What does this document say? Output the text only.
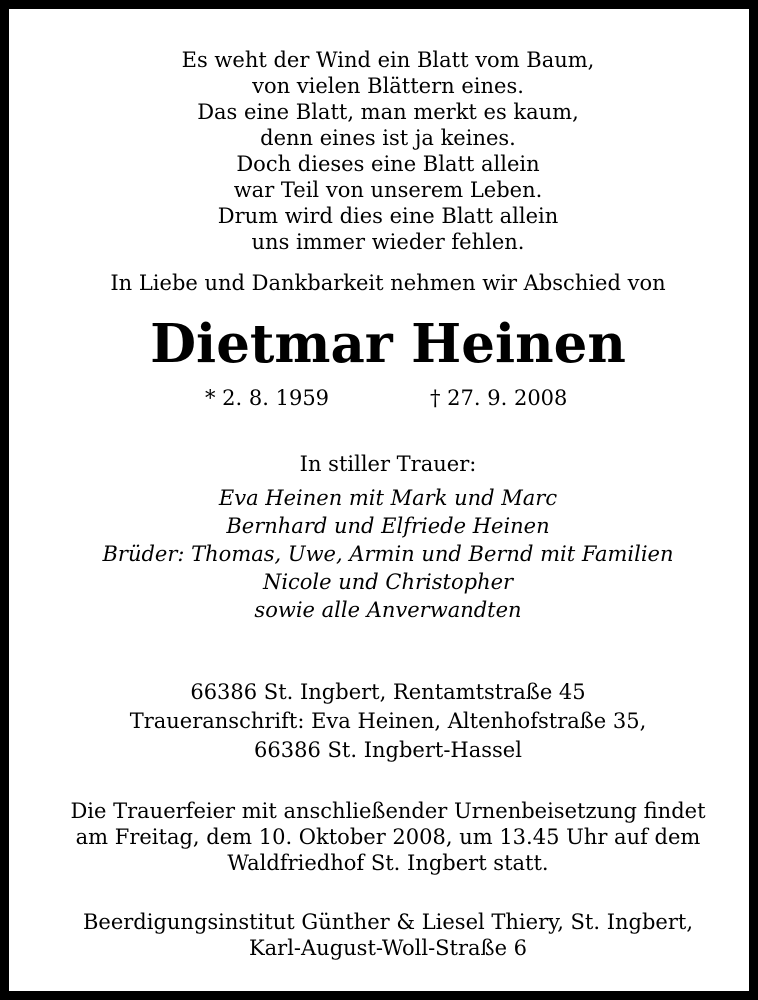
Es weht der Wind ein Blatt vom Baum,
von vielen Blättern eines.
Das eine Blatt, man merkt es kaum,
denn eines ist ja keines.
Doch dieses eine Blatt allein
war Teil von unserem Leben.
Drum wird dies eine Blatt allein
uns immer wieder fehlen.
In Liebe und Dankbarkeit nehmen wir Abschied von
Dietmar Heinen
* 2. 8. 1959	† 27. 9. 2008
In stiller Trauer:
Eva Heinen mit Mark und Marc
Bernhard und Elfriede Heinen
Brüder: Thomas, Uwe, Armin und Bernd mit Familien
Nicole und Christopher
sowie alle Anverwandten
66386 St. Ingbert, Rentamtstraße 45
Traueranschrift: Eva Heinen, Altenhofstraße 35,
66386 St. Ingbert-Hassel
Die Trauerfeier mit anschließender Urnenbeisetzung findet
am Freitag, dem 10. Oktober 2008, um 13.45 Uhr auf dem
Waldfriedhof St. Ingbert statt.
Beerdigungsinstitut Günther & Liesel Thiery, St. Ingbert,
Karl-August-Woll-Straße 6
